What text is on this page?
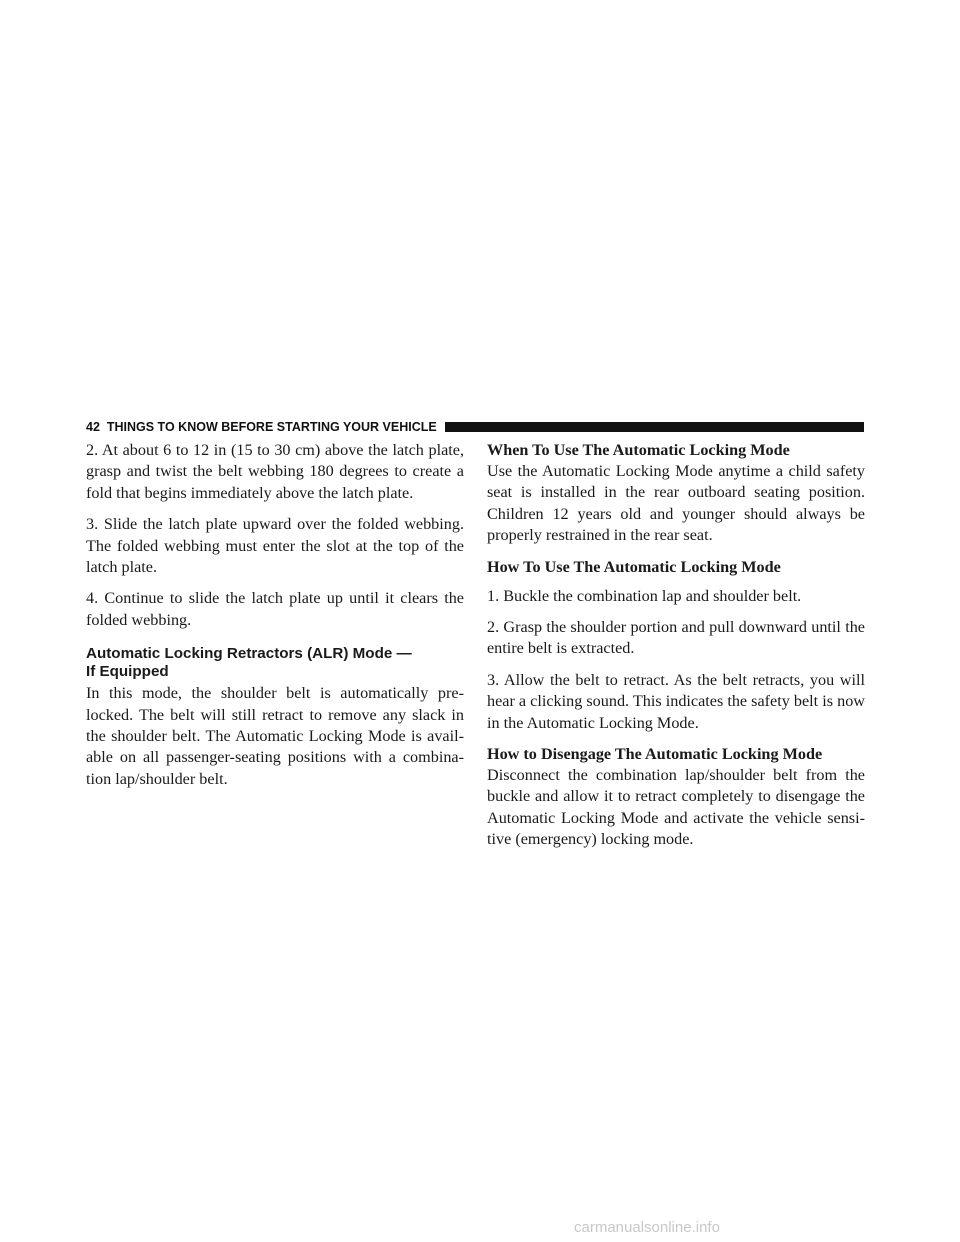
42 THINGS TO KNOW BEFORE STARTING YOUR VEHICLE

2. At about 6 to 12 in (15 to 30 cm) above the latch plate, grasp and twist the belt webbing 180 degrees to create a fold that begins immediately above the latch plate.

3. Slide the latch plate upward over the folded webbing. The folded webbing must enter the slot at the top of the latch plate.

4. Continue to slide the latch plate up until it clears the folded webbing.

Automatic Locking Retractors (ALR) Mode —
If Equipped

In this mode, the shoulder belt is automatically pre-locked. The belt will still retract to remove any slack in the shoulder belt. The Automatic Locking Mode is avail-able on all passenger-seating positions with a combina-tion lap/shoulder belt.

When To Use The Automatic Locking Mode

Use the Automatic Locking Mode anytime a child safety seat is installed in the rear outboard seating position. Children 12 years old and younger should always be properly restrained in the rear seat.

How To Use The Automatic Locking Mode

1. Buckle the combination lap and shoulder belt.

2. Grasp the shoulder portion and pull downward until the entire belt is extracted.

3. Allow the belt to retract. As the belt retracts, you will hear a clicking sound. This indicates the safety belt is now in the Automatic Locking Mode.

How to Disengage The Automatic Locking Mode

Disconnect the combination lap/shoulder belt from the buckle and allow it to retract completely to disengage the Automatic Locking Mode and activate the vehicle sensi-tive (emergency) locking mode.

carmanualsonline.info
